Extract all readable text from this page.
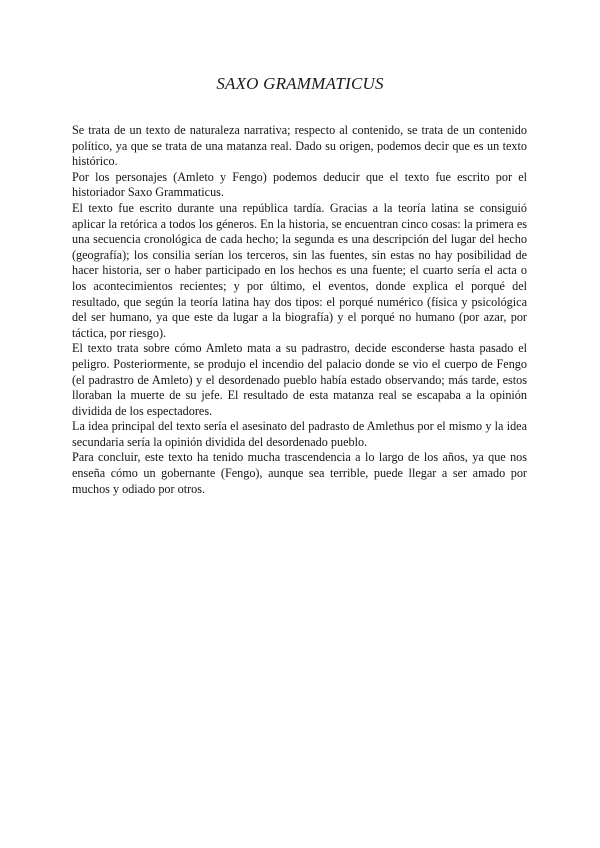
SAXO GRAMMATICUS

Se trata de un texto de naturaleza narrativa; respecto al contenido, se trata de un contenido político, ya que se trata de una matanza real. Dado su origen, podemos decir que es un texto histórico.

Por los personajes (Amleto y Fengo) podemos deducir que el texto fue escrito por el historiador Saxo Grammaticus.

El texto fue escrito durante una república tardía. Gracias a la teoría latina se consiguió aplicar la retórica a todos los géneros. En la historia, se encuentran cinco cosas: la primera es una secuencia cronológica de cada hecho; la segunda es una descripción del lugar del hecho (geografía); los consilia serían los terceros, sin las fuentes, sin estas no hay posibilidad de hacer historia, ser o haber participado en los hechos es una fuente; el cuarto sería el acta o los acontecimientos recientes; y por último, el eventos, donde explica el porqué del resultado, que según la teoría latina hay dos tipos: el porqué numérico (física y psicológica del ser humano, ya que este da lugar a la biografía) y el porqué no humano (por azar, por táctica, por riesgo).

El texto trata sobre cómo Amleto mata a su padrastro, decide esconderse hasta pasado el peligro. Posteriormente, se produjo el incendio del palacio donde se vio el cuerpo de Fengo (el padrastro de Amleto) y el desordenado pueblo había estado observando; más tarde, estos lloraban la muerte de su jefe. El resultado de esta matanza real se escapaba a la opinión dividida de los espectadores.

La idea principal del texto sería el asesinato del padrasto de Amlethus por el mismo y la idea secundaria sería la opinión dividida del desordenado pueblo.

Para concluir, este texto ha tenido mucha trascendencia a lo largo de los años, ya que nos enseña cómo un gobernante (Fengo), aunque sea terrible, puede llegar a ser amado por muchos y odiado por otros.
